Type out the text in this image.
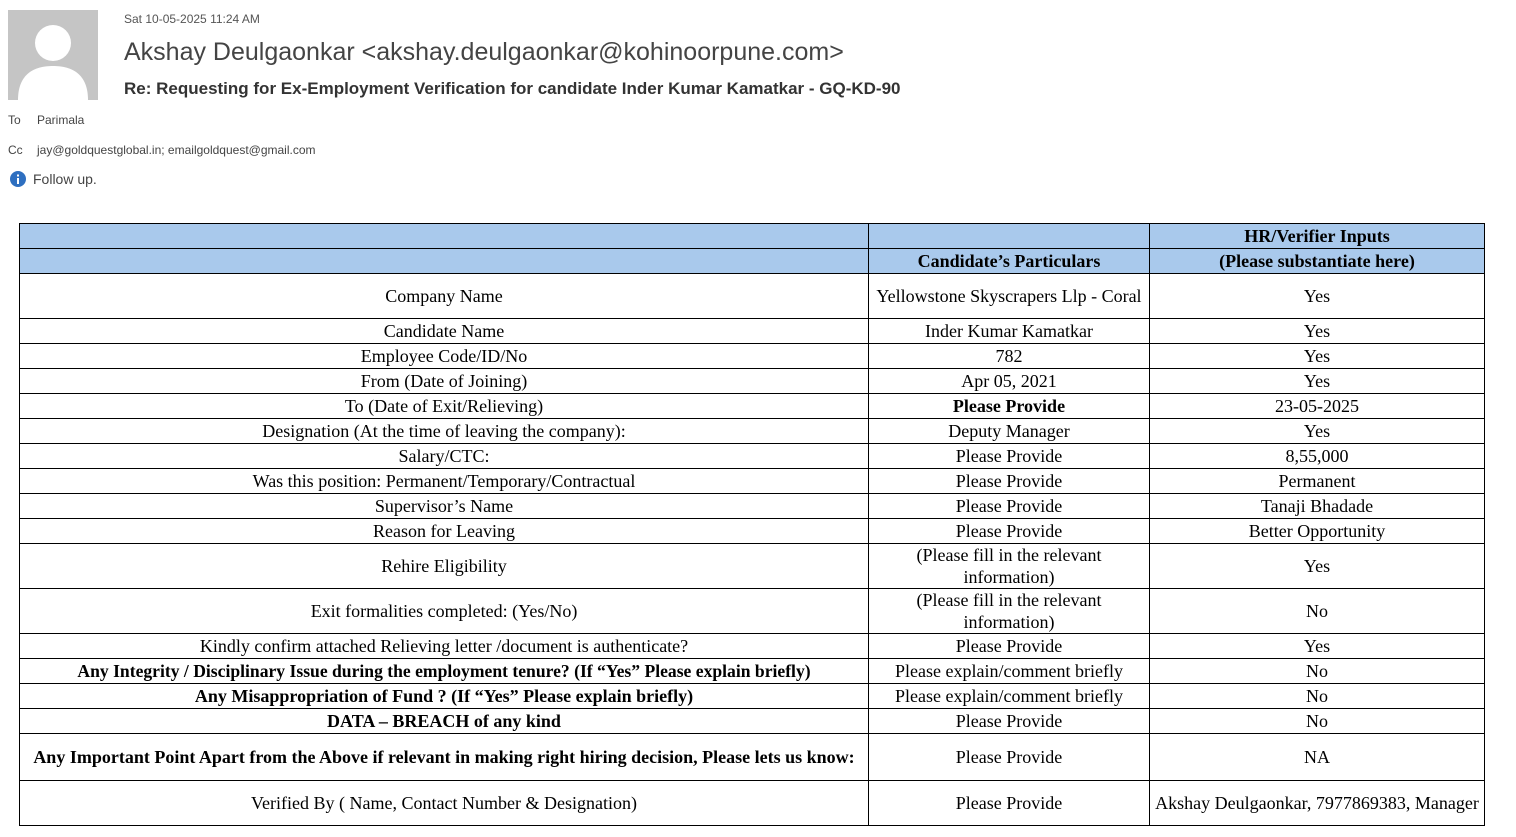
Sat 10-05-2025 11:24 AM
Akshay Deulgaonkar <akshay.deulgaonkar@kohinoorpune.com>
Re: Requesting for Ex-Employment Verification for candidate Inder Kumar Kamatkar - GQ-KD-90
To Parimala
Cc jay@goldquestglobal.in; emailgoldquest@gmail.com
Follow up.
		HR/Verifier Inputs
	Candidate’s Particulars	(Please substantiate here)
Company Name	Yellowstone Skyscrapers Llp - Coral	Yes
Candidate Name	Inder Kumar Kamatkar	Yes
Employee Code/ID/No	782	Yes
From (Date of Joining)	Apr 05, 2021	Yes
To (Date of Exit/Relieving)	Please Provide	23-05-2025
Designation (At the time of leaving the company):	Deputy Manager	Yes
Salary/CTC:	Please Provide	8,55,000
Was this position: Permanent/Temporary/Contractual	Please Provide	Permanent
Supervisor’s Name	Please Provide	Tanaji Bhadade
Reason for Leaving	Please Provide	Better Opportunity
Rehire Eligibility	(Please fill in the relevant information)	Yes
Exit formalities completed: (Yes/No)	(Please fill in the relevant information)	No
Kindly confirm attached Relieving letter /document is authenticate?	Please Provide	Yes
Any Integrity / Disciplinary Issue during the employment tenure? (If “Yes” Please explain briefly)	Please explain/comment briefly	No
Any Misappropriation of Fund ? (If “Yes” Please explain briefly)	Please explain/comment briefly	No
DATA – BREACH of any kind	Please Provide	No
Any Important Point Apart from the Above if relevant in making right hiring decision, Please lets us know:	Please Provide	NA
Verified By ( Name, Contact Number & Designation)	Please Provide	Akshay Deulgaonkar, 7977869383, Manager
